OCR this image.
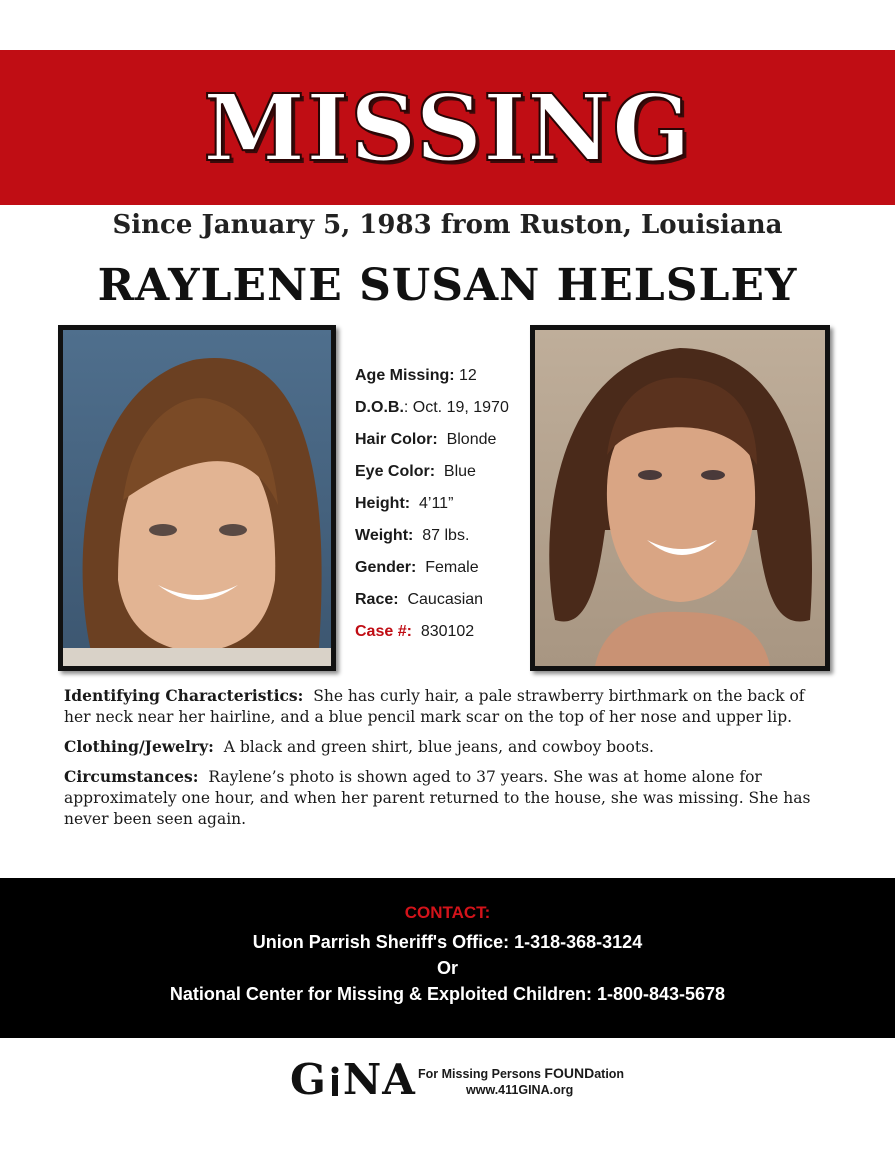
MISSING
Since January 5, 1983 from Ruston, Louisiana
RAYLENE SUSAN HELSLEY
Age Missing: 12
D.O.B.: Oct. 19, 1970
Hair Color: Blonde
Eye Color: Blue
Height: 4’11”
Weight: 87 lbs.
Gender: Female
Race: Caucasian
Case #: 830102

Identifying Characteristics: She has curly hair, a pale strawberry birthmark on the back of her neck near her hairline, and a blue pencil mark scar on the top of her nose and upper lip.

Clothing/Jewelry: A black and green shirt, blue jeans, and cowboy boots.

Circumstances: Raylene’s photo is shown aged to 37 years. She was at home alone for approximately one hour, and when her parent returned to the house, she was missing. She has never been seen again.

CONTACT:
Union Parrish Sheriff's Office: 1-318-368-3124
Or
National Center for Missing & Exploited Children: 1-800-843-5678
G NA For Missing Persons FOUNDation
www.411GINA.org
